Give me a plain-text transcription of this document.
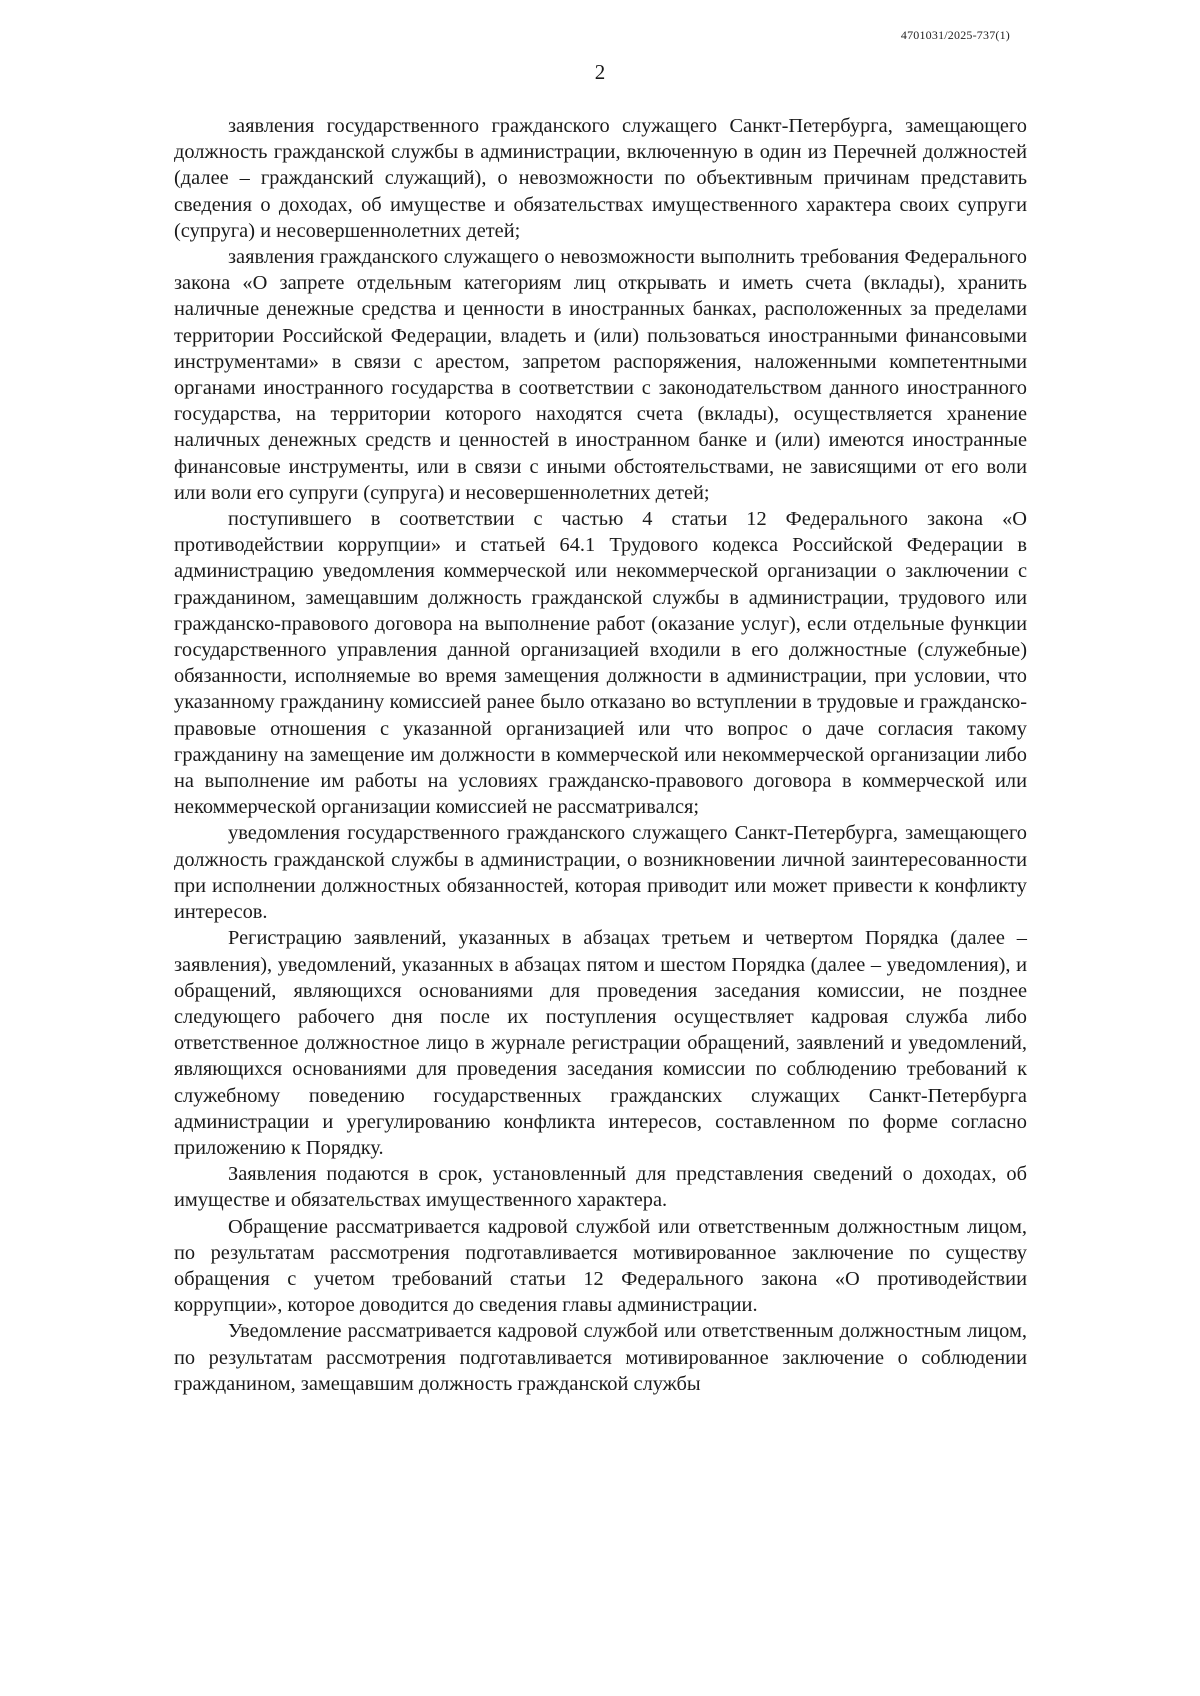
4701031/2025-737(1)
2

заявления государственного гражданского служащего Санкт-Петербурга, замещающего должность гражданской службы в администрации, включенную в один из Перечней должностей (далее – гражданский служащий), о невозможности по объективным причинам представить сведения о доходах, об имуществе и обязательствах имущественного характера своих супруги (супруга) и несовершеннолетних детей;

заявления гражданского служащего о невозможности выполнить требования Федерального закона «О запрете отдельным категориям лиц открывать и иметь счета (вклады), хранить наличные денежные средства и ценности в иностранных банках, расположенных за пределами территории Российской Федерации, владеть и (или) пользоваться иностранными финансовыми инструментами» в связи с арестом, запретом распоряжения, наложенными компетентными органами иностранного государства в соответствии с законодательством данного иностранного государства, на территории которого находятся счета (вклады), осуществляется хранение наличных денежных средств и ценностей в иностранном банке и (или) имеются иностранные финансовые инструменты, или в связи с иными обстоятельствами, не зависящими от его воли или воли его супруги (супруга) и несовершеннолетних детей;

поступившего в соответствии с частью 4 статьи 12 Федерального закона «О противодействии коррупции» и статьей 64.1 Трудового кодекса Российской Федерации в администрацию уведомления коммерческой или некоммерческой организации о заключении с гражданином, замещавшим должность гражданской службы в администрации, трудового или гражданско-правового договора на выполнение работ (оказание услуг), если отдельные функции государственного управления данной организацией входили в его должностные (служебные) обязанности, исполняемые во время замещения должности в администрации, при условии, что указанному гражданину комиссией ранее было отказано во вступлении в трудовые и гражданско-правовые отношения с указанной организацией или что вопрос о даче согласия такому гражданину на замещение им должности в коммерческой или некоммерческой организации либо на выполнение им работы на условиях гражданско-правового договора в коммерческой или некоммерческой организации комиссией не рассматривался;

уведомления государственного гражданского служащего Санкт-Петербурга, замещающего должность гражданской службы в администрации, о возникновении личной заинтересованности при исполнении должностных обязанностей, которая приводит или может привести к конфликту интересов.

Регистрацию заявлений, указанных в абзацах третьем и четвертом Порядка (далее – заявления), уведомлений, указанных в абзацах пятом и шестом Порядка (далее – уведомления), и обращений, являющихся основаниями для проведения заседания комиссии, не позднее следующего рабочего дня после их поступления осуществляет кадровая служба либо ответственное должностное лицо в журнале регистрации обращений, заявлений и уведомлений, являющихся основаниями для проведения заседания комиссии по соблюдению требований к служебному поведению государственных гражданских служащих Санкт-Петербурга администрации и урегулированию конфликта интересов, составленном по форме согласно приложению к Порядку.

Заявления подаются в срок, установленный для представления сведений о доходах, об имуществе и обязательствах имущественного характера.

Обращение рассматривается кадровой службой или ответственным должностным лицом, по результатам рассмотрения подготавливается мотивированное заключение по существу обращения с учетом требований статьи 12 Федерального закона «О противодействии коррупции», которое доводится до сведения главы администрации.

Уведомление рассматривается кадровой службой или ответственным должностным лицом, по результатам рассмотрения подготавливается мотивированное заключение о соблюдении гражданином, замещавшим должность гражданской службы
